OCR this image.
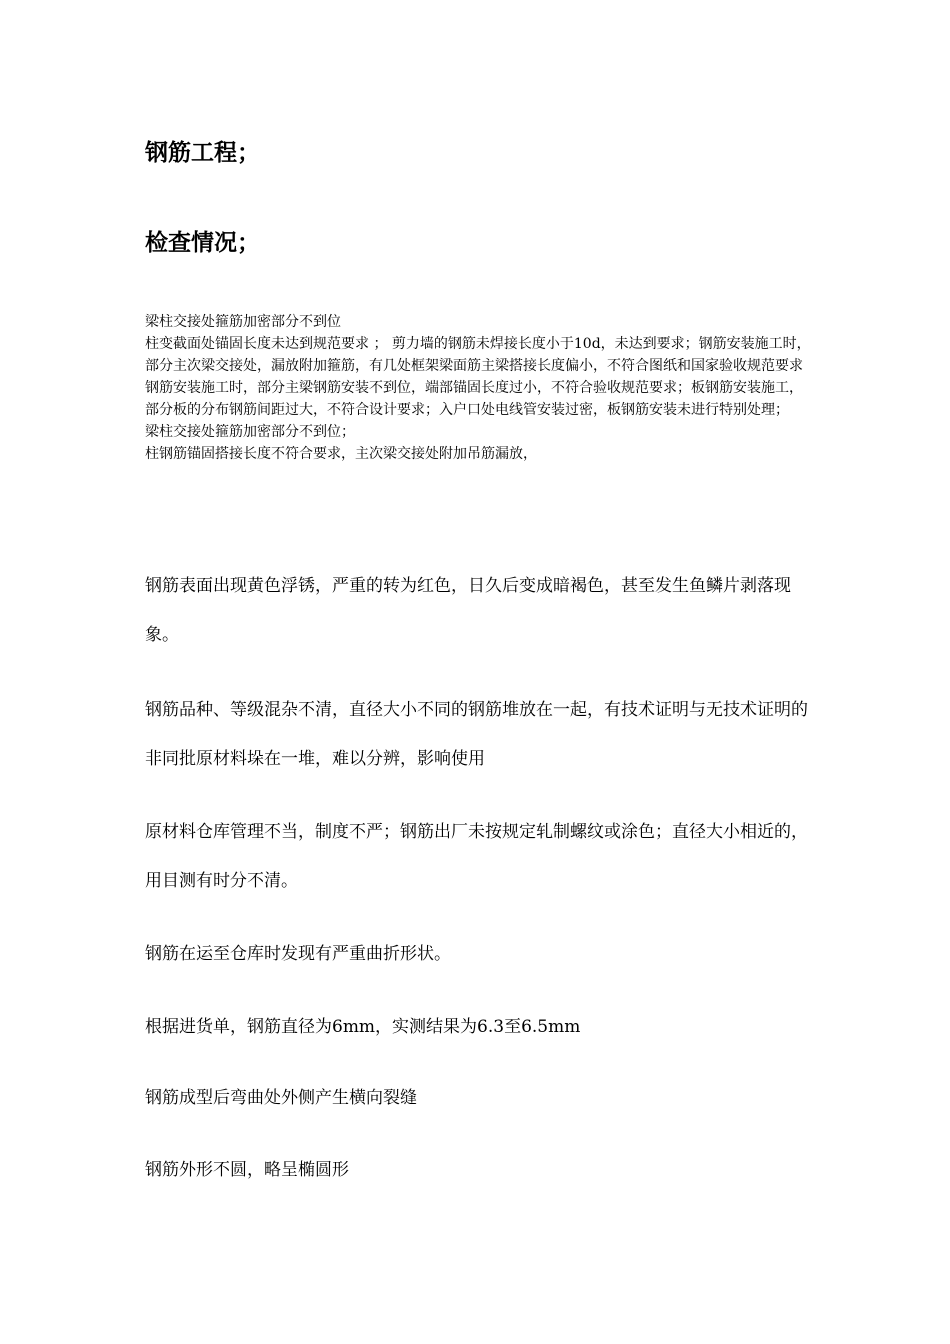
钢筋工程；
检查情况；

梁柱交接处箍筋加密部分不到位

柱变截面处锚固长度未达到规范要求 ； 剪力墙的钢筋未焊接长度小于10d，未达到要求；钢筋安装施工时，部分主次梁交接处，漏放附加箍筋，有几处框架梁面筋主梁搭接长度偏小，不符合图纸和国家验收规范要求

钢筋安装施工时，部分主梁钢筋安装不到位，端部锚固长度过小，不符合验收规范要求；板钢筋安装施工，部分板的分布钢筋间距过大，不符合设计要求；入户口处电线管安装过密，板钢筋安装未进行特别处理；

梁柱交接处箍筋加密部分不到位；

柱钢筋锚固搭接长度不符合要求，主次梁交接处附加吊筋漏放，

钢筋表面出现黄色浮锈，严重的转为红色，日久后变成暗褐色，甚至发生鱼鳞片剥落现象。
钢筋品种、等级混杂不清，直径大小不同的钢筋堆放在一起，有技术证明与无技术证明的非同批原材料垛在一堆，难以分辨，影响使用
原材料仓库管理不当，制度不严；钢筋出厂未按规定轧制螺纹或涂色；直径大小相近的，用目测有时分不清。
钢筋在运至仓库时发现有严重曲折形状。
根据进货单，钢筋直径为6mm，实测结果为6.3至6.5mm
钢筋成型后弯曲处外侧产生横向裂缝
钢筋外形不圆，略呈椭圆形
